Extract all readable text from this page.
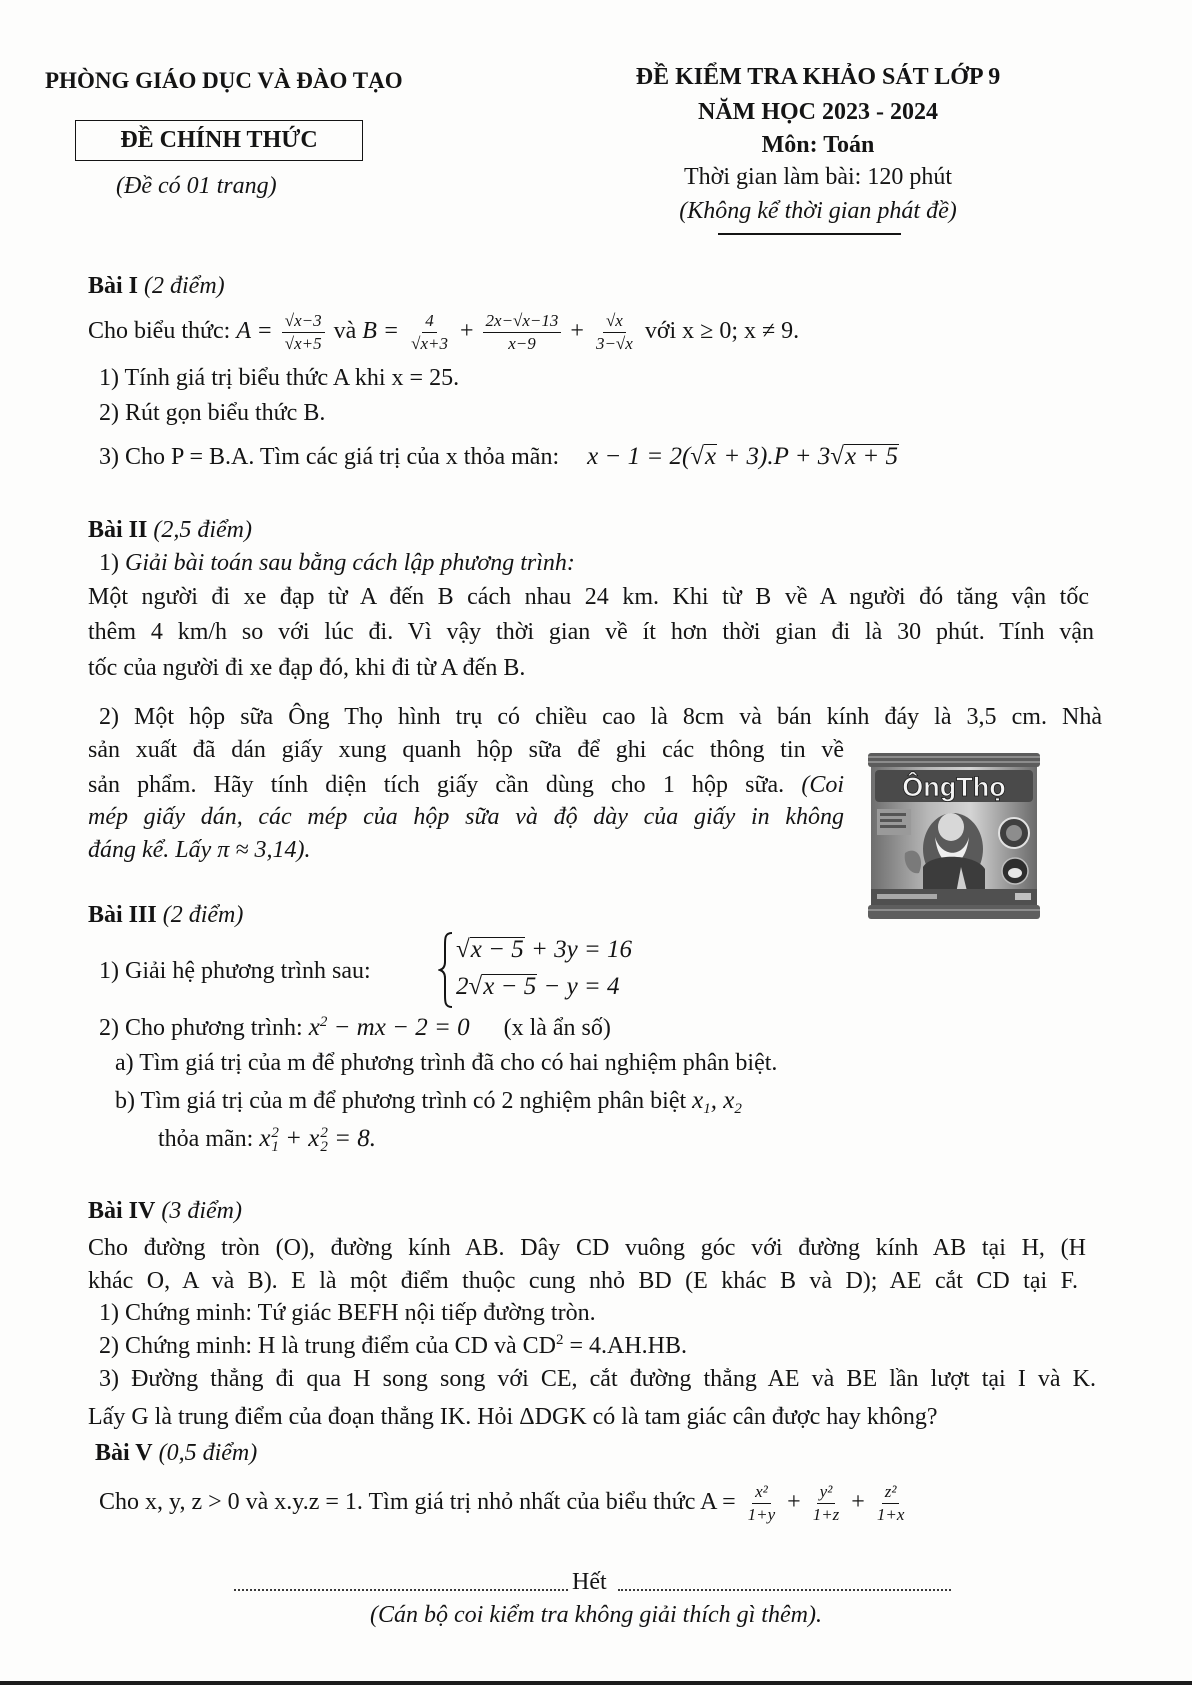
PHÒNG GIÁO DỤC VÀ ĐÀO TẠO
ĐỀ CHÍNH THỨC
(Đề có 01 trang)
ĐỀ KIỂM TRA KHẢO SÁT LỚP 9
NĂM HỌC 2023 - 2024
Môn: Toán
Thời gian làm bài: 120 phút
(Không kể thời gian phát đề)
Bài I (2 điểm)
Cho biểu thức: $A = \frac{√x-3}{√x+5}$ và $B = \frac{4}{√x+3} + \frac{2x-√x-13}{x-9} + \frac{√x}{3-√x}$ với x ≥ 0; x ≠ 9.
1) Tính giá trị biểu thức A khi x = 25.
2) Rút gọn biểu thức B.
3) Cho P = B.A. Tìm các giá trị của x thỏa mãn: x − 1 = 2(√x + 3).P + 3√x + 5
Bài II (2,5 điểm)
1) Giải bài toán sau bằng cách lập phương trình:
Một người đi xe đạp từ A đến B cách nhau 24 km. Khi từ B về A người đó tăng vận tốc
thêm 4 km/h so với lúc đi. Vì vậy thời gian về ít hơn thời gian đi là 30 phút. Tính vận
tốc của người đi xe đạp đó, khi đi từ A đến B.
2) Một hộp sữa Ông Thọ hình trụ có chiều cao là 8cm và bán kính đáy là 3,5 cm. Nhà
sản xuất đã dán giấy xung quanh hộp sữa để ghi các thông tin về
sản phẩm. Hãy tính diện tích giấy cần dùng cho 1 hộp sữa. (Coi
mép giấy dán, các mép của hộp sữa và độ dày của giấy in không
đáng kể. Lấy π ≈ 3,14).
ÔngThọ
Bài III (2 điểm)
1) Giải hệ phương trình sau:
√x − 5 + 3y = 16
2√x − 5 − y = 4
2) Cho phương trình: $x^2$ − mx − 2 = 0 (x là ẩn số)
a) Tìm giá trị của m để phương trình đã cho có hai nghiệm phân biệt.
b) Tìm giá trị của m để phương trình có 2 nghiệm phân biệt $x_1$, $x_2$
thỏa mãn: x 2
1 + x 2
2 = 8.
Bài IV (3 điểm)
Cho đường tròn (O), đường kính AB. Dây CD vuông góc với đường kính AB tại H, (H
khác O, A và B). E là một điểm thuộc cung nhỏ BD (E khác B và D); AE cắt CD tại F.
1) Chứng minh: Tứ giác BEFH nội tiếp đường tròn.
2) Chứng minh: H là trung điểm của CD và $CD^2 = 4.AH.HB$.
3) Đường thẳng đi qua H song song với CE, cắt đường thẳng AE và BE lần lượt tại I và K.
Lấy G là trung điểm của đoạn thẳng IK. Hỏi ΔDGK có là tam giác cân được hay không?
Bài V (0,5 điểm)
Cho x, y, z > 0 và x.y.z = 1. Tìm giá trị nhỏ nhất của biểu thức $A = \frac{\text{x²}}{1+y} + \frac{\text{y²}}{1+z} + \frac{\text{z²}}{1+x}$
Hết
(Cán bộ coi kiểm tra không giải thích gì thêm).
